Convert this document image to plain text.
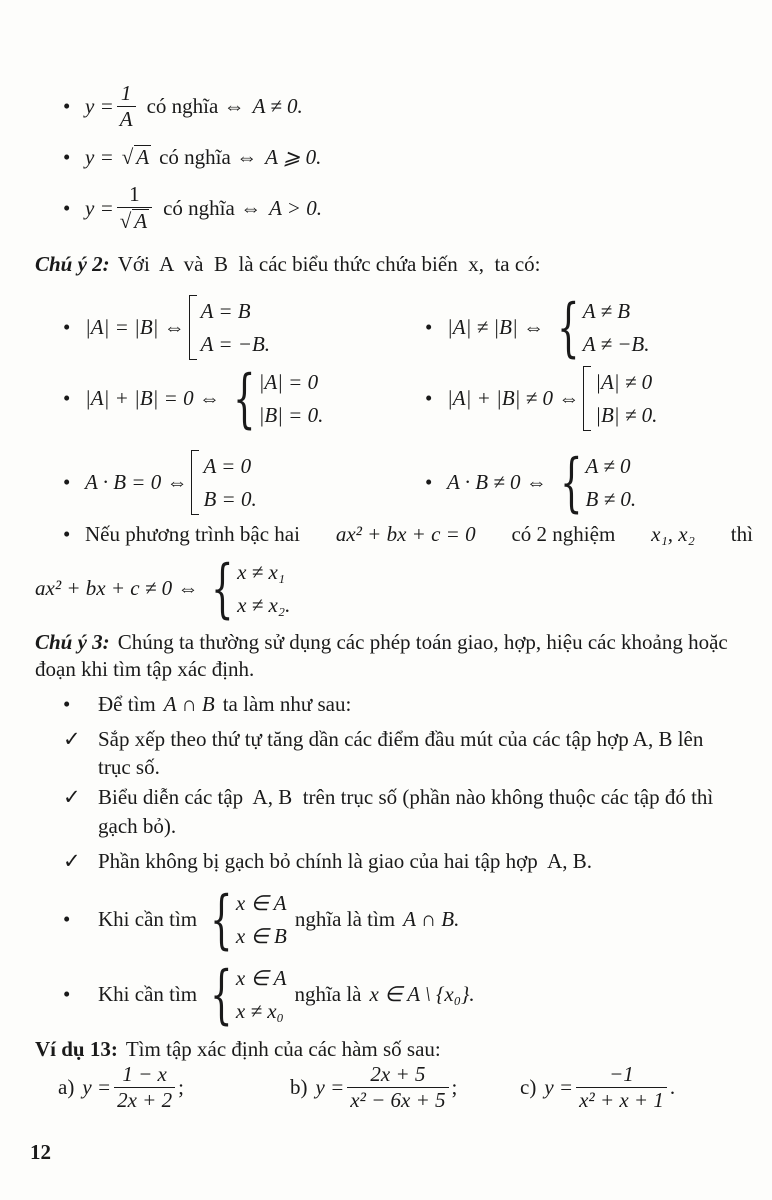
• $y = \frac{1}{A}$ có nghĩa ⇔ A ≠ 0.
• y = √ A có nghĩa ⇔ A ⩾ 0.
• $y = \frac{1}{√ A}$ có nghĩa ⇔ A > 0.
Chú ý 2: Với  A  và  B  là các biểu thức chứa biến  x,  ta có:
• |A| = |B| ⇔
A = B
A = −B.
• |A| ≠ |B| ⇔ { A ≠ B
A ≠ −B.
• |A| + |B| = 0 ⇔ { |A| = 0
|B| = 0.
• |A| + |B| ≠ 0 ⇔
|A| ≠ 0
|B| ≠ 0.
• A · B = 0 ⇔
A = 0
B = 0.
• A · B ≠ 0 ⇔ { A ≠ 0
B ≠ 0.
• Nếu phương trình bậc hai ax² + bx + c = 0 có 2 nghiệm x₁, x₂ thì
ax² + bx + c ≠ 0 ⇔ { x ≠ x₁
x ≠ x₂.
Chú ý 3: Chúng ta thường sử dụng các phép toán giao, hợp, hiệu các khoảng hoặc
đoạn khi tìm tập xác định.
•	Để tìm A ∩ B ta làm như sau:
✓ Sắp xếp theo thứ tự tăng dần các điểm đầu mút của các tập hợp A, B lên
trục số.
✓ Biểu diễn các tập  A, B  trên trục số (phần nào không thuộc các tập đó thì
gạch bỏ).
✓ Phần không bị gạch bỏ chính là giao của hai tập hợp  A, B.
•	Khi cần tìm { x ∈ A
x ∈ B
nghĩa là tìm A ∩ B.
•	Khi cần tìm { x ∈ A
x ≠ x₀
nghĩa là x ∈ A \ {x₀}.
Ví dụ 13: Tìm tập xác định của các hàm số sau:
a) $y = \frac{1 - x}{2x + 2}$ ;	b) $y = \frac{2x + 5}{\text{x² − 6x + 5}}$ ;	c) $y = \frac{-1}{\text{x² + x + 1}}$ .
12
